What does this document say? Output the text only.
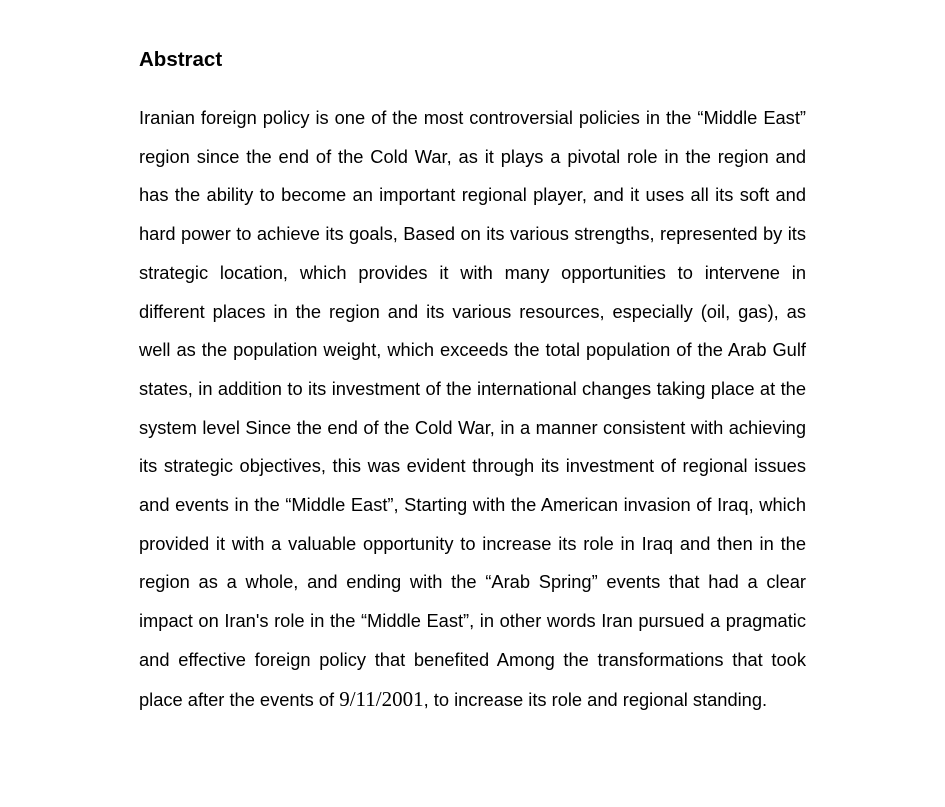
Abstract

Iranian foreign policy is one of the most controversial policies in the “Middle East” region since the end of the Cold War, as it plays a pivotal role in the region and has the ability to become an important regional player, and it uses all its soft and hard power to achieve its goals, Based on its various strengths, represented by its strategic location, which provides it with many opportunities to intervene in different places in the region and its various resources, especially (oil, gas), as well as the population weight, which exceeds the total population of the Arab Gulf states, in addition to its investment of the international changes taking place at the system level Since the end of the Cold War, in a manner consistent with achieving its strategic objectives, this was evident through its investment of regional issues and events in the “Middle East”, Starting with the American invasion of Iraq, which provided it with a valuable opportunity to increase its role in Iraq and then in the region as a whole, and ending with the “Arab Spring” events that had a clear impact on Iran's role in the “Middle East”, in other words Iran pursued a pragmatic and effective foreign policy that benefited Among the transformations that took place after the events of 9/11/2001, to increase its role and regional standing.
